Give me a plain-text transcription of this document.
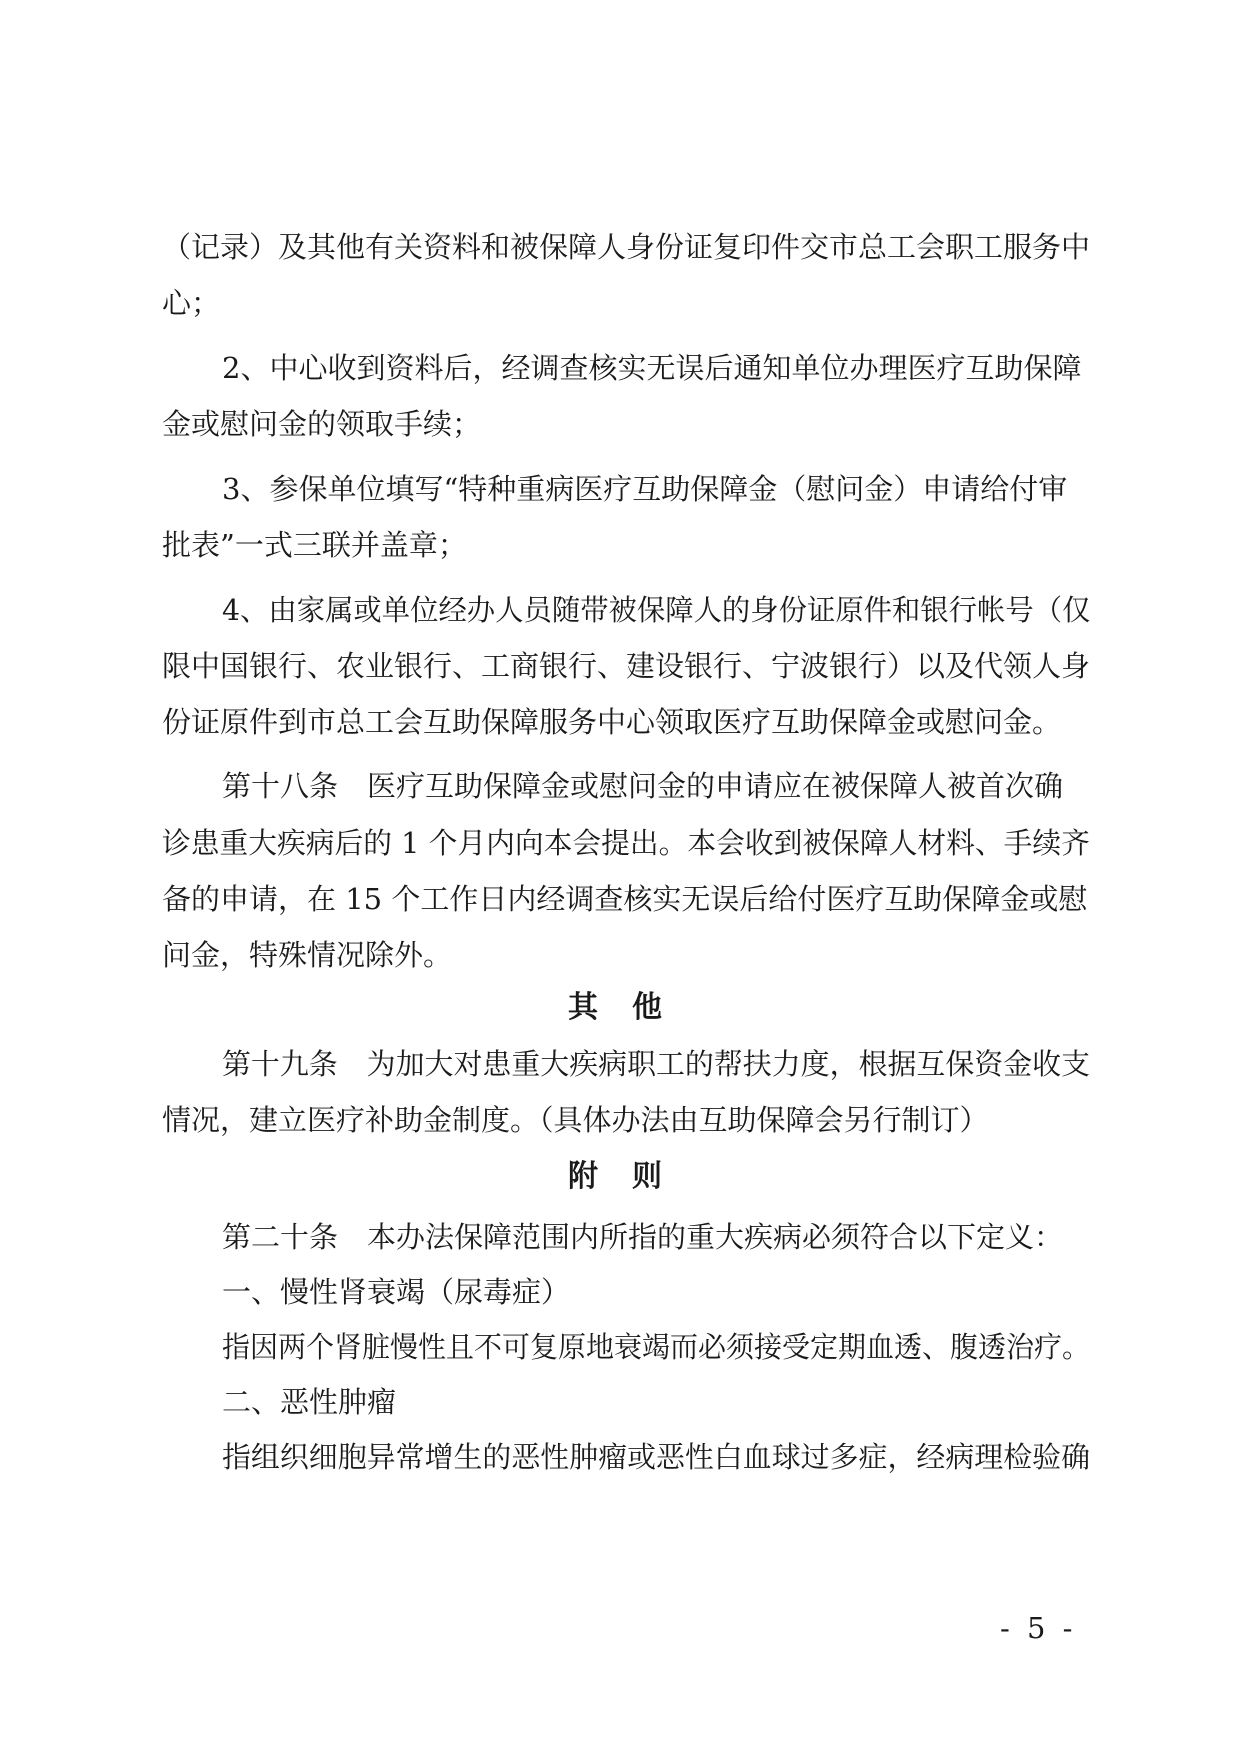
（记录）及其他有关资料和被保障人身份证复印件交市总工会职工服务中
心；
2、中心收到资料后，经调查核实无误后通知单位办理医疗互助保障
金或慰问金的领取手续；
3、参保单位填写“特种重病医疗互助保障金（慰问金）申请给付审
批表”一式三联并盖章；
4、由家属或单位经办人员随带被保障人的身份证原件和银行帐号（仅
限中国银行、农业银行、工商银行、建设银行、宁波银行）以及代领人身
份证原件到市总工会互助保障服务中心领取医疗互助保障金或慰问金。
第十八条　医疗互助保障金或慰问金的申请应在被保障人被首次确
诊患重大疾病后的 1 个月内向本会提出。本会收到被保障人材料、手续齐
备的申请，在 15 个工作日内经调查核实无误后给付医疗互助保障金或慰
问金，特殊情况除外。
其　他
第十九条　为加大对患重大疾病职工的帮扶力度，根据互保资金收支
情况，建立医疗补助金制度。（具体办法由互助保障会另行制订）
附　则
第二十条　本办法保障范围内所指的重大疾病必须符合以下定义：
一、慢性肾衰竭（尿毒症）
指因两个肾脏慢性且不可复原地衰竭而必须接受定期血透、腹透治疗。
二、恶性肿瘤
指组织细胞异常增生的恶性肿瘤或恶性白血球过多症，经病理检验确
- 5 -
